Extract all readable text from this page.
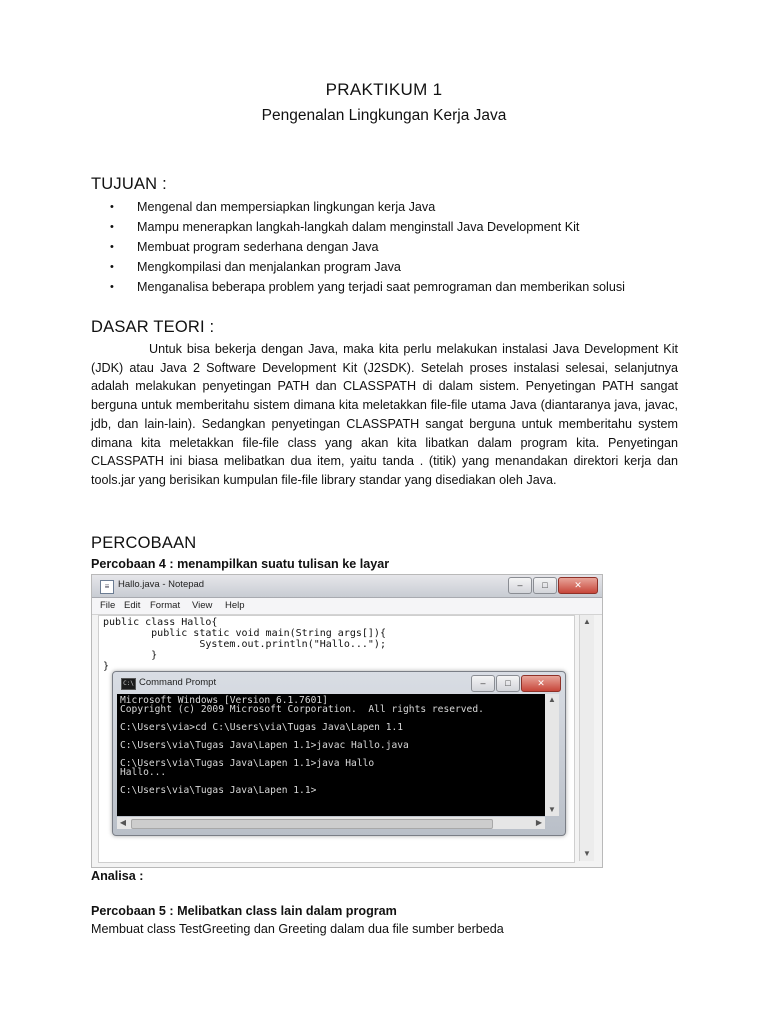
PRAKTIKUM 1
Pengenalan Lingkungan Kerja Java
TUJUAN :
• Mengenal dan mempersiapkan lingkungan kerja Java
• Mampu menerapkan langkah-langkah dalam menginstall Java Development Kit
• Membuat program sederhana dengan Java
• Mengkompilasi dan menjalankan program Java
• Menganalisa beberapa problem yang terjadi saat pemrograman dan memberikan solusi
DASAR TEORI :

Untuk bisa bekerja dengan Java, maka kita perlu melakukan instalasi Java Development Kit (JDK) atau Java 2 Software Development Kit (J2SDK). Setelah proses instalasi selesai, selanjutnya adalah melakukan penyetingan PATH dan CLASSPATH di dalam sistem. Penyetingan PATH sangat berguna untuk memberitahu sistem dimana kita meletakkan file-file utama Java (diantaranya java, javac, jdb, dan lain-lain). Sedangkan penyetingan CLASSPATH sangat berguna untuk memberitahu system dimana kita meletakkan file-file class yang akan kita libatkan dalam program kita. Penyetingan CLASSPATH ini biasa melibatkan dua item, yaitu tanda . (titik) yang menandakan direktori kerja dan tools.jar yang berisikan kumpulan file-file library standar yang disediakan oleh Java.

PERCOBAAN
Percobaan 4 : menampilkan suatu tulisan ke layar
≡ Hallo.java - Notepad	– □	✕
File Edit Format View Help
public class Hallo{
public static void main(String args[]){
System.out.println("Hallo...");
}
}
▲
▼
C:\ Command Prompt	– □	✕
Microsoft Windows [Version 6.1.7601]
Copyright (c) 2009 Microsoft Corporation.  All rights reserved.
C:\Users\via>cd C:\Users\via\Tugas Java\Lapen 1.1
C:\Users\via\Tugas Java\Lapen 1.1>javac Hallo.java
C:\Users\via\Tugas Java\Lapen 1.1>java Hallo
Hallo...
C:\Users\via\Tugas Java\Lapen 1.1>
▲
▼
◀	▶
Analisa :
Percobaan 5 : Melibatkan class lain dalam program
Membuat class TestGreeting dan Greeting dalam dua file sumber berbeda
